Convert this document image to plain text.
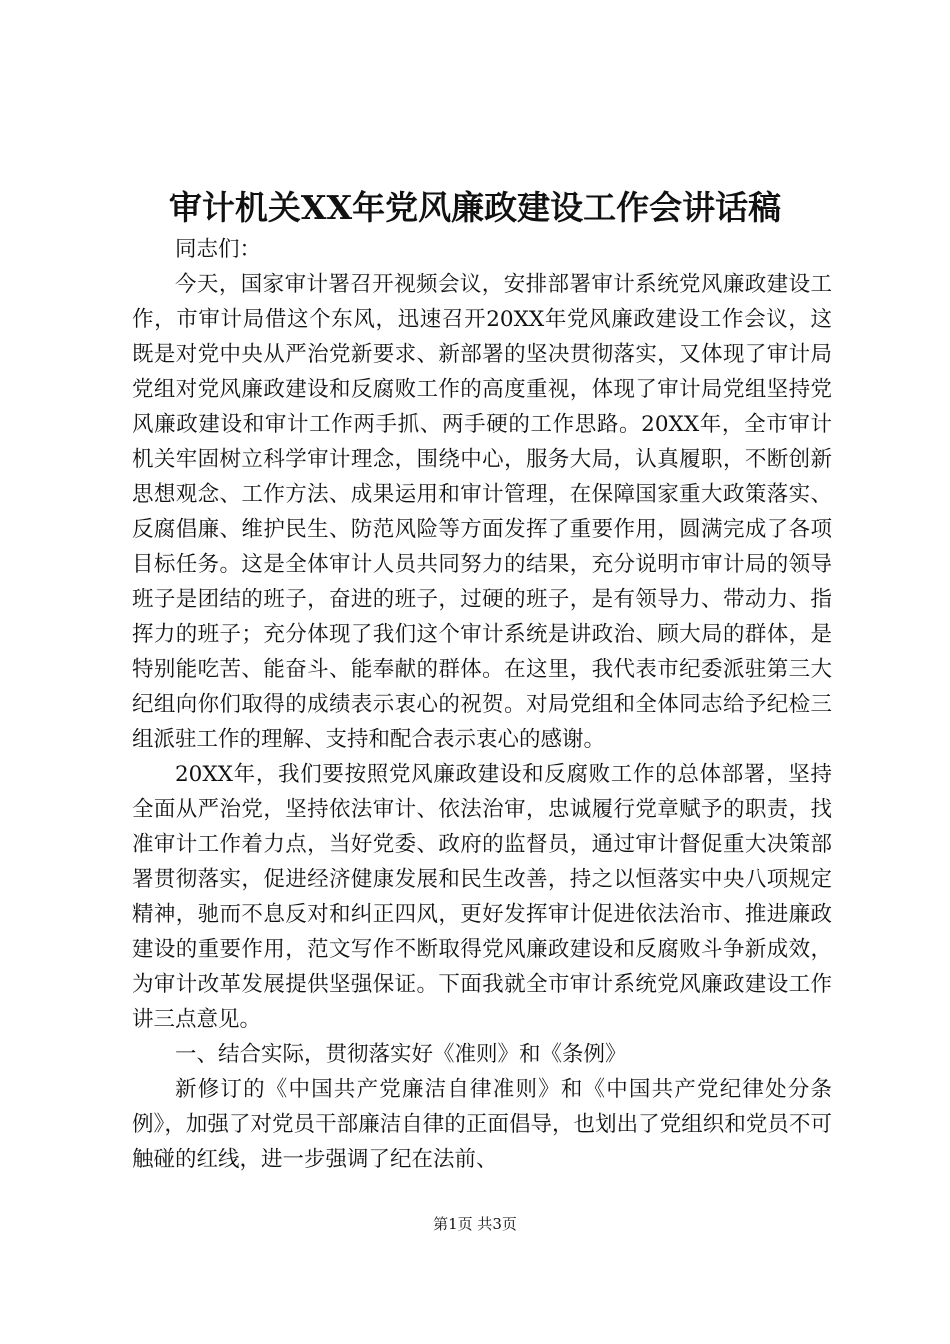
审计机关XX年党风廉政建设工作会讲话稿

同志们：

今天，国家审计署召开视频会议，安排部署审计系统党风廉政建设工作，市审计局借这个东风，迅速召开20XX年党风廉政建设工作会议，这既是对党中央从严治党新要求、新部署的坚决贯彻落实，又体现了审计局党组对党风廉政建设和反腐败工作的高度重视，体现了审计局党组坚持党风廉政建设和审计工作两手抓、两手硬的工作思路。20XX年，全市审计机关牢固树立科学审计理念，围绕中心，服务大局，认真履职，不断创新思想观念、工作方法、成果运用和审计管理，在保障国家重大政策落实、反腐倡廉、维护民生、防范风险等方面发挥了重要作用，圆满完成了各项目标任务。这是全体审计人员共同努力的结果，充分说明市审计局的领导班子是团结的班子，奋进的班子，过硬的班子，是有领导力、带动力、指挥力的班子；充分体现了我们这个审计系统是讲政治、顾大局的群体，是特别能吃苦、能奋斗、能奉献的群体。在这里，我代表市纪委派驻第三大纪组向你们取得的成绩表示衷心的祝贺。对局党组和全体同志给予纪检三组派驻工作的理解、支持和配合表示衷心的感谢。

20XX年，我们要按照党风廉政建设和反腐败工作的总体部署，坚持全面从严治党，坚持依法审计、依法治审，忠诚履行党章赋予的职责，找准审计工作着力点，当好党委、政府的监督员，通过审计督促重大决策部署贯彻落实，促进经济健康发展和民生改善，持之以恒落实中央八项规定精神，驰而不息反对和纠正四风，更好发挥审计促进依法治市、推进廉政建设的重要作用，范文写作不断取得党风廉政建设和反腐败斗争新成效，为审计改革发展提供坚强保证。下面我就全市审计系统党风廉政建设工作讲三点意见。

一、结合实际，贯彻落实好《准则》和《条例》

新修订的《中国共产党廉洁自律准则》和《中国共产党纪律处分条例》，加强了对党员干部廉洁自律的正面倡导，也划出了党组织和党员不可触碰的红线，进一步强调了纪在法前、

第1页 共3页
